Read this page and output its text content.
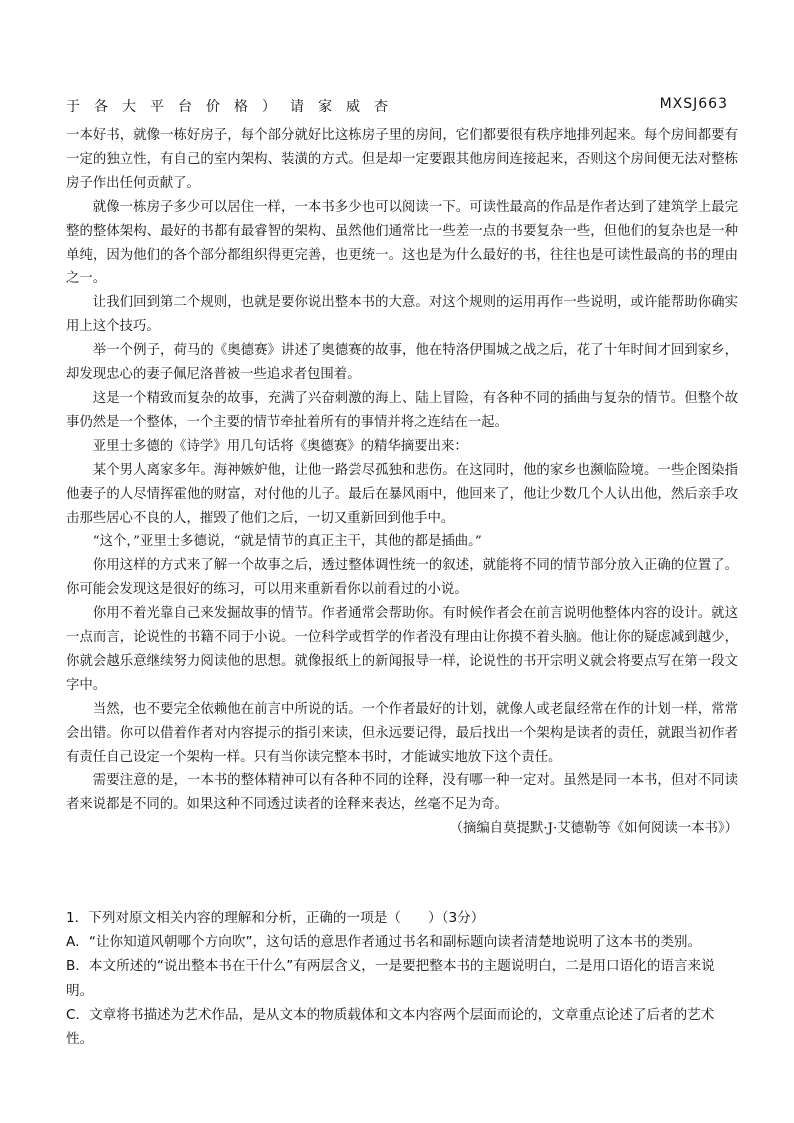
于各大平台价格）请家威杏	MXSJ663

一本好书，就像一栋好房子，每个部分就好比这栋房子里的房间，它们都要很有秩序地排列起来。每个房间都要有一定的独立性，有自己的室内架构、装潢的方式。但是却一定要跟其他房间连接起来，否则这个房间便无法对整栋房子作出任何贡献了。

就像一栋房子多少可以居住一样，一本书多少也可以阅读一下。可读性最高的作品是作者达到了建筑学上最完整的整体架构、最好的书都有最睿智的架构、虽然他们通常比一些差一点的书要复杂一些，但他们的复杂也是一种单纯，因为他们的各个部分都组织得更完善，也更统一。这也是为什么最好的书，往往也是可读性最高的书的理由之一。

让我们回到第二个规则，也就是要你说出整本书的大意。对这个规则的运用再作一些说明，或许能帮助你确实用上这个技巧。

举一个例子，荷马的《奥德赛》讲述了奥德赛的故事，他在特洛伊围城之战之后，花了十年时间才回到家乡，却发现忠心的妻子佩尼洛普被一些追求者包围着。

这是一个精致而复杂的故事，充满了兴奋刺激的海上、陆上冒险，有各种不同的插曲与复杂的情节。但整个故事仍然是一个整体，一个主要的情节牵扯着所有的事情并将之连结在一起。

亚里士多德的《诗学》用几句话将《奥德赛》的精华摘要出来：

某个男人离家多年。海神嫉妒他，让他一路尝尽孤独和悲伤。在这同时，他的家乡也濒临险境。一些企图染指他妻子的人尽情挥霍他的财富，对付他的儿子。最后在暴风雨中，他回来了，他让少数几个人认出他，然后亲手攻击那些居心不良的人，摧毁了他们之后，一切又重新回到他手中。

“这个，”亚里士多德说，“就是情节的真正主干，其他的都是插曲。”

你用这样的方式来了解一个故事之后，透过整体调性统一的叙述，就能将不同的情节部分放入正确的位置了。你可能会发现这是很好的练习，可以用来重新看你以前看过的小说。

你用不着光靠自己来发掘故事的情节。作者通常会帮助你。有时候作者会在前言说明他整体内容的设计。就这一点而言，论说性的书籍不同于小说。一位科学或哲学的作者没有理由让你摸不着头脑。他让你的疑虑减到越少，你就会越乐意继续努力阅读他的思想。就像报纸上的新闻报导一样，论说性的书开宗明义就会将要点写在第一段文字中。

当然，也不要完全依赖他在前言中所说的话。一个作者最好的计划，就像人或老鼠经常在作的计划一样，常常会出错。你可以借着作者对内容提示的指引来读，但永远要记得，最后找出一个架构是读者的责任，就跟当初作者有责任自己设定一个架构一样。只有当你读完整本书时，才能诚实地放下这个责任。

需要注意的是，一本书的整体精神可以有各种不同的诠释，没有哪一种一定对。虽然是同一本书，但对不同读者来说都是不同的。如果这种不同透过读者的诠释来表达，丝毫不足为奇。

（摘编自莫提默·J·艾德勒等《如何阅读一本书》）

1．下列对原文相关内容的理解和分析，正确的一项是（　　）（3分）

A．“让你知道风朝哪个方向吹”，这句话的意思作者通过书名和副标题向读者清楚地说明了这本书的类别。

B．本文所述的“说出整本书在干什么”有两层含义，一是要把整本书的主题说明白，二是用口语化的语言来说明。

C．文章将书描述为艺术作品，是从文本的物质载体和文本内容两个层面而论的，文章重点论述了后者的艺术性。
